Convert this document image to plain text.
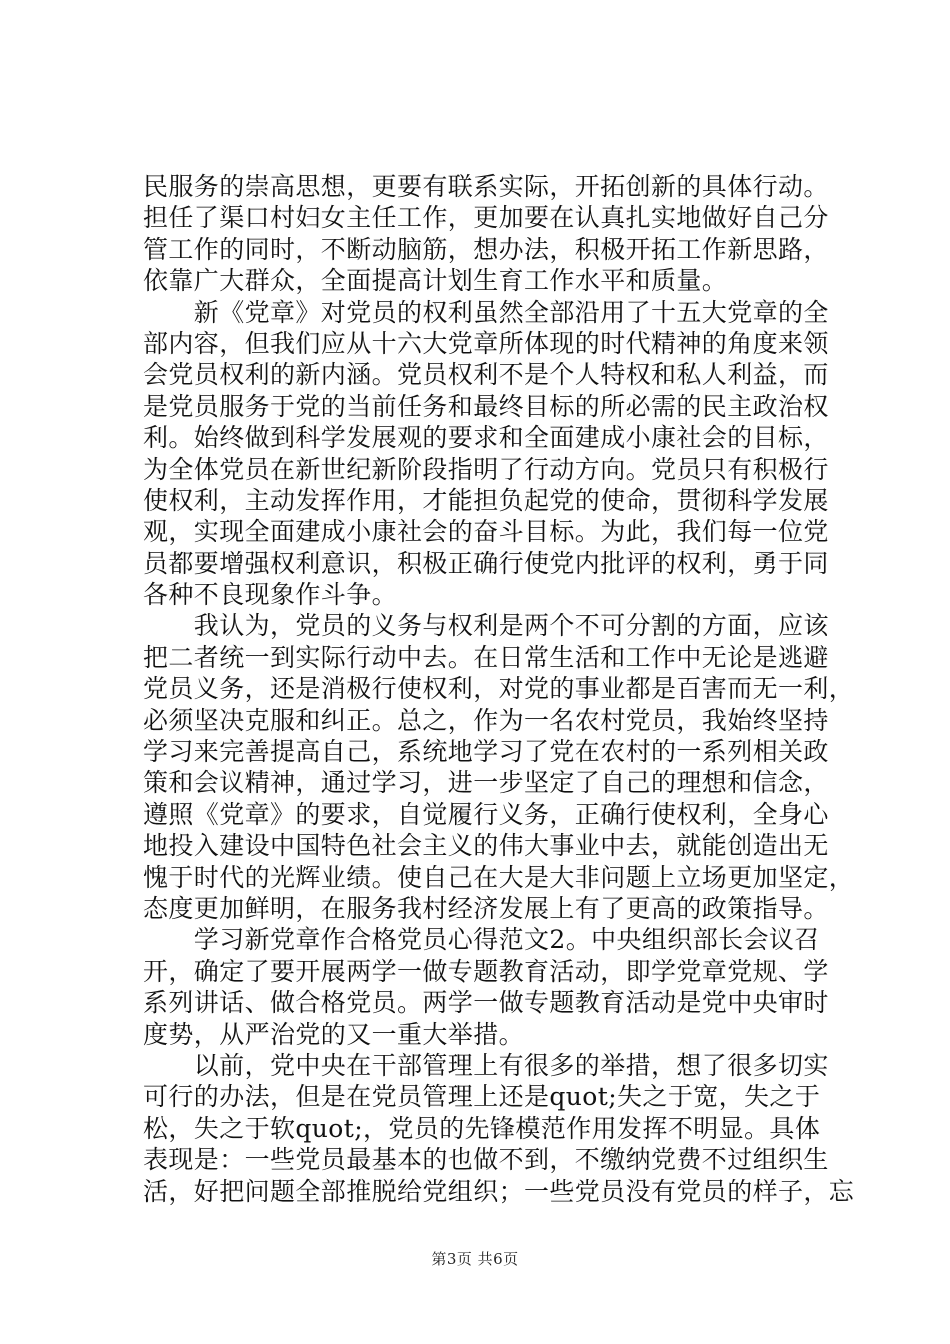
民服务的崇高思想，更要有联系实际，开拓创新的具体行动。
担任了渠口村妇女主任工作，更加要在认真扎实地做好自己分
管工作的同时，不断动脑筋，想办法，积极开拓工作新思路，
依靠广大群众，全面提高计划生育工作水平和质量。
　　新《党章》对党员的权利虽然全部沿用了十五大党章的全
部内容，但我们应从十六大党章所体现的时代精神的角度来领
会党员权利的新内涵。党员权利不是个人特权和私人利益，而
是党员服务于党的当前任务和最终目标的所必需的民主政治权
利。始终做到科学发展观的要求和全面建成小康社会的目标，
为全体党员在新世纪新阶段指明了行动方向。党员只有积极行
使权利，主动发挥作用，才能担负起党的使命，贯彻科学发展
观，实现全面建成小康社会的奋斗目标。为此，我们每一位党
员都要增强权利意识，积极正确行使党内批评的权利，勇于同
各种不良现象作斗争。
　　我认为，党员的义务与权利是两个不可分割的方面，应该
把二者统一到实际行动中去。在日常生活和工作中无论是逃避
党员义务，还是消极行使权利，对党的事业都是百害而无一利，
必须坚决克服和纠正。总之，作为一名农村党员，我始终坚持
学习来完善提高自己，系统地学习了党在农村的一系列相关政
策和会议精神，通过学习，进一步坚定了自己的理想和信念，
遵照《党章》的要求，自觉履行义务，正确行使权利，全身心
地投入建设中国特色社会主义的伟大事业中去，就能创造出无
愧于时代的光辉业绩。使自己在大是大非问题上立场更加坚定，
态度更加鲜明，在服务我村经济发展上有了更高的政策指导。
　　学习新党章作合格党员心得范文2。中央组织部长会议召
开，确定了要开展两学一做专题教育活动，即学党章党规、学
系列讲话、做合格党员。两学一做专题教育活动是党中央审时
度势，从严治党的又一重大举措。
　　以前，党中央在干部管理上有很多的举措，想了很多切实
可行的办法，但是在党员管理上还是quot;失之于宽，失之于
松，失之于软quot;，党员的先锋模范作用发挥不明显。具体
表现是：一些党员最基本的也做不到，不缴纳党费不过组织生
活，好把问题全部推脱给党组织；一些党员没有党员的样子，忘
第3页 共6页
